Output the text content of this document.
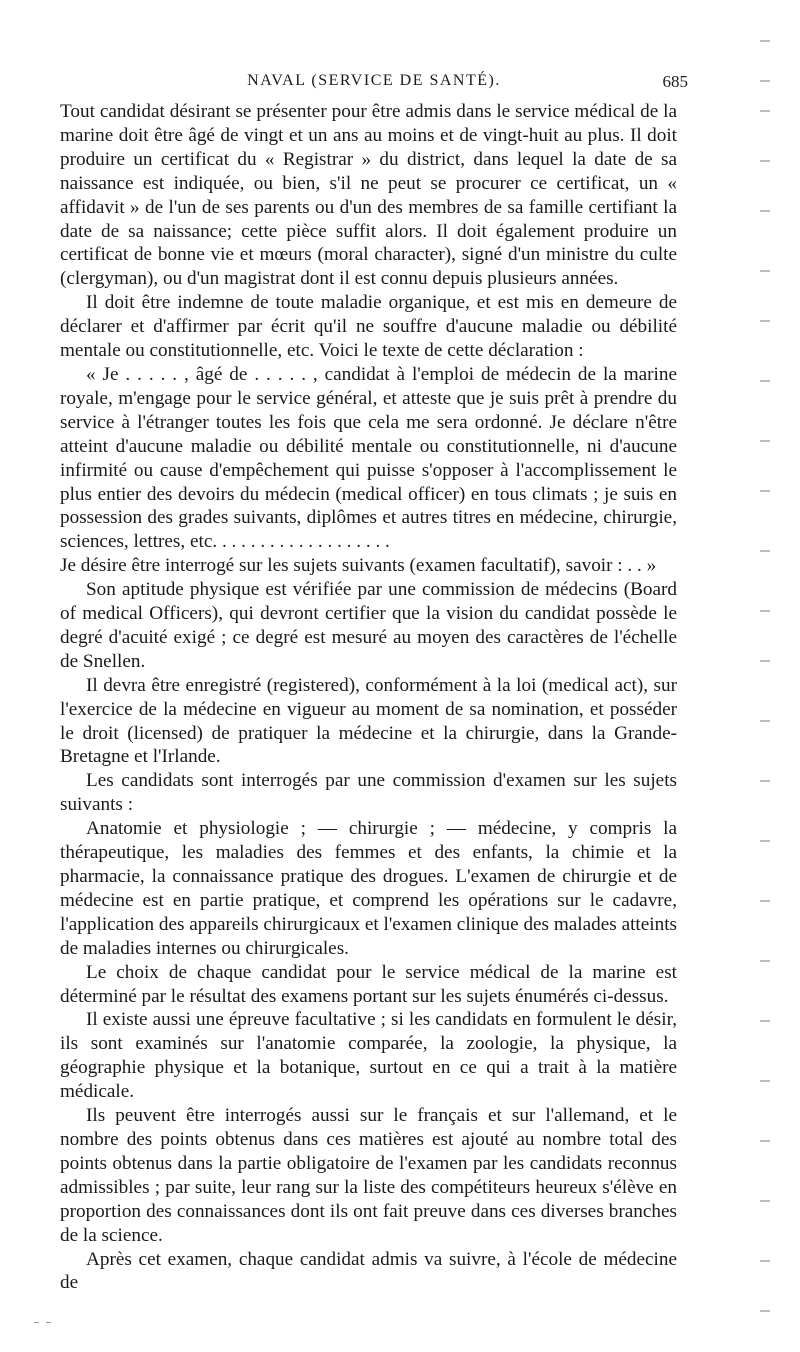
NAVAL (SERVICE DE SANTÉ).	685

Tout candidat désirant se présenter pour être admis dans le service médical de la marine doit être âgé de vingt et un ans au moins et de vingt-huit au plus. Il doit produire un certificat du « Registrar » du district, dans lequel la date de sa naissance est indiquée, ou bien, s'il ne peut se procurer ce certificat, un « affidavit » de l'un de ses parents ou d'un des membres de sa famille certifiant la date de sa naissance; cette pièce suffit alors. Il doit également produire un certificat de bonne vie et mœurs (moral character), signé d'un ministre du culte (clergyman), ou d'un magistrat dont il est connu depuis plusieurs années.

Il doit être indemne de toute maladie organique, et est mis en demeure de déclarer et d'affirmer par écrit qu'il ne souffre d'aucune maladie ou débilité mentale ou constitutionnelle, etc. Voici le texte de cette déclaration :

« Je . . . . . , âgé de . . . . . , candidat à l'emploi de médecin de la marine royale, m'engage pour le service général, et atteste que je suis prêt à prendre du service à l'étranger toutes les fois que cela me sera ordonné. Je déclare n'être atteint d'aucune maladie ou débilité mentale ou constitutionnelle, ni d'aucune infirmité ou cause d'empêchement qui puisse s'opposer à l'accomplissement le plus entier des devoirs du médecin (medical officer) en tous climats ; je suis en possession des grades suivants, diplômes et autres titres en médecine, chirurgie, sciences, lettres, etc. . . . . . . . . . . . . . . . . . .

Je désire être interrogé sur les sujets suivants (examen facultatif), savoir : . . »

Son aptitude physique est vérifiée par une commission de médecins (Board of medical Officers), qui devront certifier que la vision du candidat possède le degré d'acuité exigé ; ce degré est mesuré au moyen des caractères de l'échelle de Snellen.

Il devra être enregistré (registered), conformément à la loi (medical act), sur l'exercice de la médecine en vigueur au moment de sa nomination, et posséder le droit (licensed) de pratiquer la médecine et la chirurgie, dans la Grande-Bretagne et l'Irlande.

Les candidats sont interrogés par une commission d'examen sur les sujets suivants :

Anatomie et physiologie ; — chirurgie ; — médecine, y compris la thérapeutique, les maladies des femmes et des enfants, la chimie et la pharmacie, la connaissance pratique des drogues. L'examen de chirurgie et de médecine est en partie pratique, et comprend les opérations sur le cadavre, l'application des appareils chirurgicaux et l'examen clinique des malades atteints de maladies internes ou chirurgicales.

Le choix de chaque candidat pour le service médical de la marine est déterminé par le résultat des examens portant sur les sujets énumérés ci-dessus.

Il existe aussi une épreuve facultative ; si les candidats en formulent le désir, ils sont examinés sur l'anatomie comparée, la zoologie, la physique, la géographie physique et la botanique, surtout en ce qui a trait à la matière médicale.

Ils peuvent être interrogés aussi sur le français et sur l'allemand, et le nombre des points obtenus dans ces matières est ajouté au nombre total des points obtenus dans la partie obligatoire de l'examen par les candidats reconnus admissibles ; par suite, leur rang sur la liste des compétiteurs heureux s'élève en proportion des connaissances dont ils ont fait preuve dans ces diverses branches de la science.

Après cet examen, chaque candidat admis va suivre, à l'école de médecine de
